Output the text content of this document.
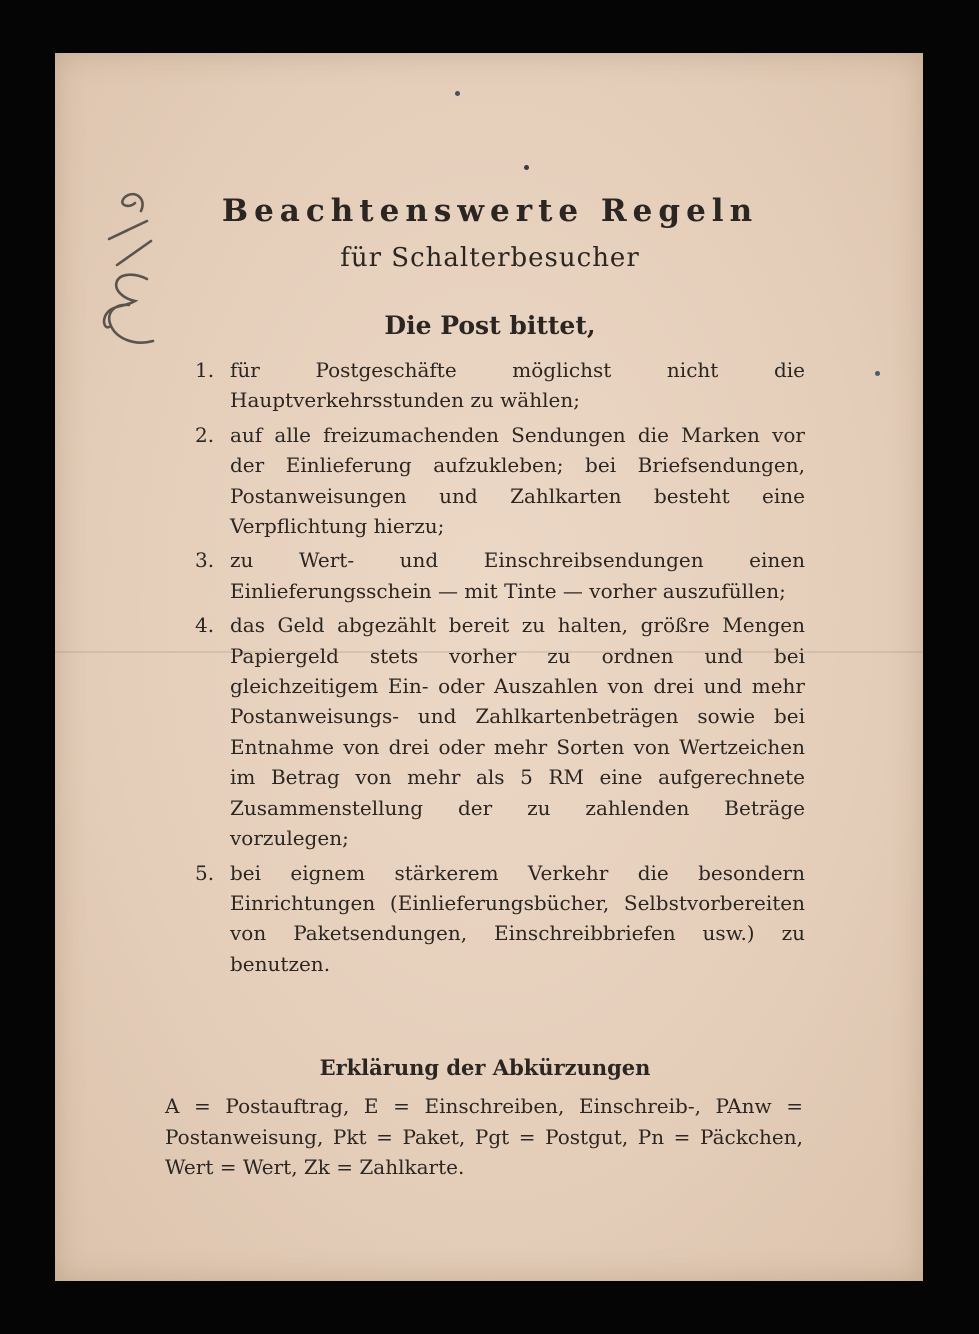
Beachtenswerte Regeln
für Schalterbesucher
Die Post bittet,
1. für Postgeschäfte möglichst nicht die Hauptverkehrsstunden zu wählen;
2. auf alle freizumachenden Sendungen die Marken vor der Einlieferung aufzukleben; bei Briefsendungen, Postanweisungen und Zahlkarten besteht eine Verpflichtung hierzu;
3. zu Wert- und Einschreibsendungen einen Einlieferungsschein — mit Tinte — vorher auszufüllen;
4. das Geld abgezählt bereit zu halten, größre Mengen Papiergeld stets vorher zu ordnen und bei gleichzeitigem Ein- oder Auszahlen von drei und mehr Postanweisungs- und Zahlkartenbeträgen sowie bei Entnahme von drei oder mehr Sorten von Wertzeichen im Betrag von mehr als 5 RM eine aufgerechnete Zusammenstellung der zu zahlenden Beträge vorzulegen;
5. bei eignem stärkerem Verkehr die besondern Einrichtungen (Einlieferungsbücher, Selbstvorbereiten von Paketsendungen, Einschreibbriefen usw.) zu benutzen.
Erklärung der Abkürzungen
A = Postauftrag, E = Einschreiben, Einschreib-, PAnw = Postanweisung, Pkt = Paket, Pgt = Postgut, Pn = Päckchen, Wert = Wert, Zk = Zahlkarte.
